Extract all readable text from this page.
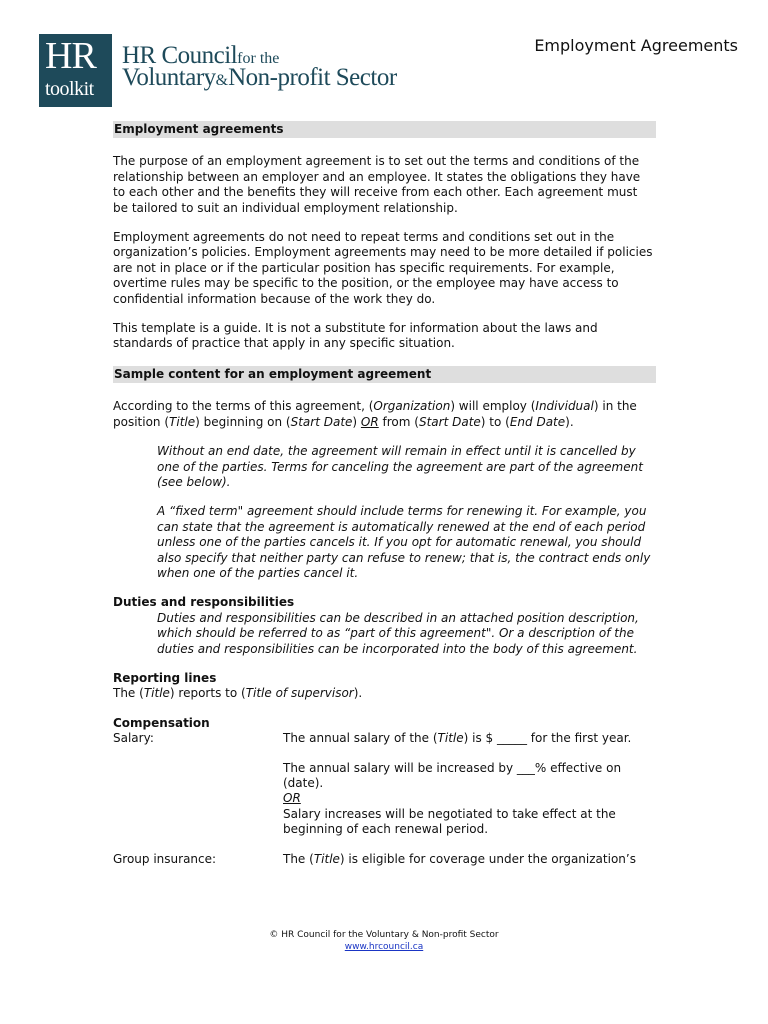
HR
toolkit
HR Councilfor the
Voluntary&Non-profit Sector
Employment Agreements
Employment agreements

The purpose of an employment agreement is to set out the terms and conditions of the relationship between an employer and an employee. It states the obligations they have to each other and the benefits they will receive from each other. Each agreement must be tailored to suit an individual employment relationship.

Employment agreements do not need to repeat terms and conditions set out in the organization’s policies. Employment agreements may need to be more detailed if policies are not in place or if the particular position has specific requirements. For example, overtime rules may be specific to the position, or the employee may have access to confidential information because of the work they do.

This template is a guide. It is not a substitute for information about the laws and standards of practice that apply in any specific situation.

Sample content for an employment agreement

According to the terms of this agreement, (Organization) will employ (Individual) in the position (Title) beginning on (Start Date) OR from (Start Date) to (End Date).

Without an end date, the agreement will remain in effect until it is cancelled by one of the parties. Terms for canceling the agreement are part of the agreement (see below).

A “fixed term" agreement should include terms for renewing it. For example, you can state that the agreement is automatically renewed at the end of each period unless one of the parties cancels it. If you opt for automatic renewal, you should also specify that neither party can refuse to renew; that is, the contract ends only when one of the parties cancel it.

Duties and responsibilities

Duties and responsibilities can be described in an attached position description, which should be referred to as “part of this agreement". Or a description of the duties and responsibilities can be incorporated into the body of this agreement.

Reporting lines

The (Title) reports to (Title of supervisor).

Compensation

Salary:	The annual salary of the (Title) is $ _____ for the first year.

The annual salary will be increased by ___% effective on (date).

OR

Salary increases will be negotiated to take effect at the beginning of each renewal period.

Group insurance:	The (Title) is eligible for coverage under the organization’s
© HR Council for the Voluntary & Non-profit Sector
www.hrcouncil.ca
